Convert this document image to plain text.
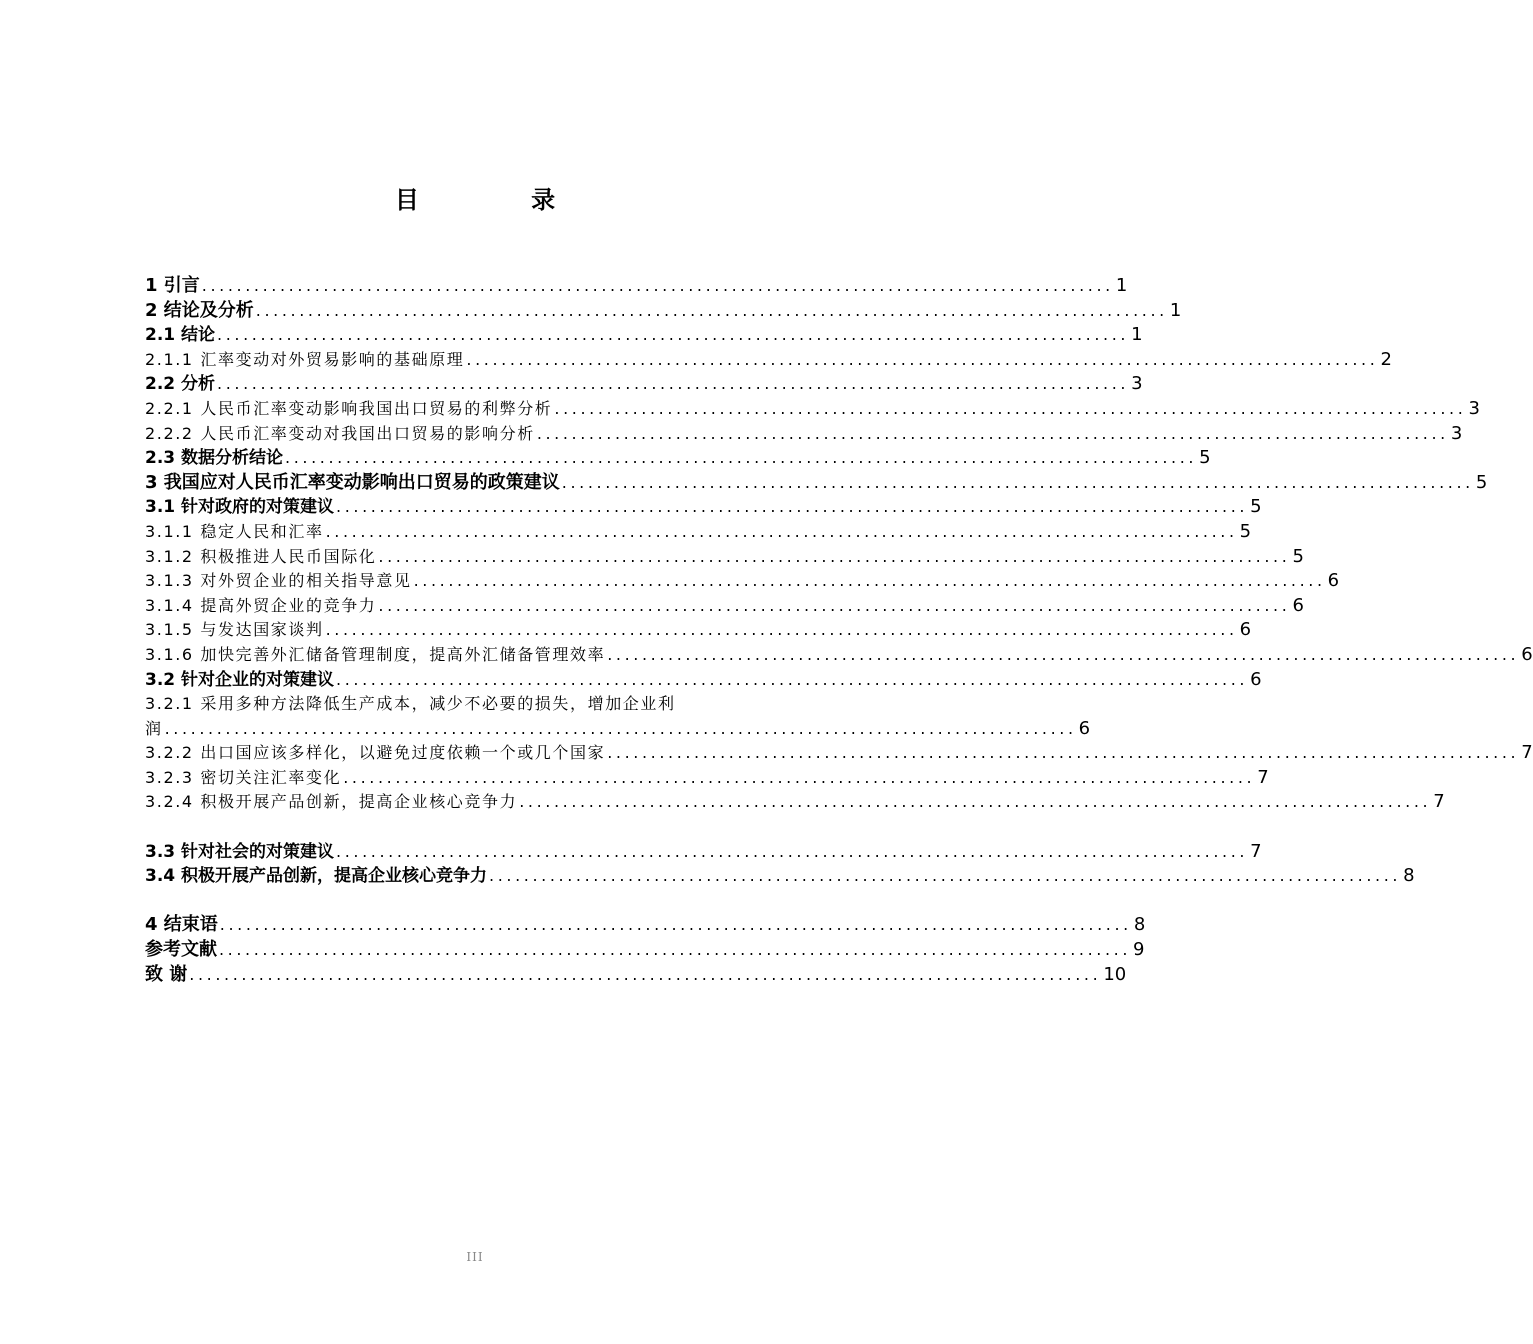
目 录
1 引言 ......................................................................................................... 1
2 结论及分析 ......................................................................................................... 1
2.1 结论 ......................................................................................................... 1
2.1.1 汇率变动对外贸易影响的基础原理 ......................................................................................................... 2
2.2 分析 ......................................................................................................... 3
2.2.1 人民币汇率变动影响我国出口贸易的利弊分析 ......................................................................................................... 3
2.2.2 人民币汇率变动对我国出口贸易的影响分析 ......................................................................................................... 3
2.3 数据分析结论 ......................................................................................................... 5
3 我国应对人民币汇率变动影响出口贸易的政策建议 ......................................................................................................... 5
3.1 针对政府的对策建议 ......................................................................................................... 5
3.1.1 稳定人民和汇率 ......................................................................................................... 5
3.1.2 积极推进人民币国际化 ......................................................................................................... 5
3.1.3 对外贸企业的相关指导意见 ......................................................................................................... 6
3.1.4 提高外贸企业的竞争力 ......................................................................................................... 6
3.1.5 与发达国家谈判 ......................................................................................................... 6
3.1.6 加快完善外汇储备管理制度，提高外汇储备管理效率 ......................................................................................................... 6
3.2 针对企业的对策建议 ......................................................................................................... 6
3.2.1 采用多种方法降低生产成本，减少不必要的损失，增加企业利
润 ......................................................................................................... 6
3.2.2 出口国应该多样化，以避免过度依赖一个或几个国家 ......................................................................................................... 7
3.2.3 密切关注汇率变化 ......................................................................................................... 7
3.2.4 积极开展产品创新，提高企业核心竞争力 ......................................................................................................... 7
3.3 针对社会的对策建议 ......................................................................................................... 7
3.4 积极开展产品创新，提高企业核心竞争力 ......................................................................................................... 8
4 结束语 ......................................................................................................... 8
参考文献 ......................................................................................................... 9
致 谢 ......................................................................................................... 10
III
